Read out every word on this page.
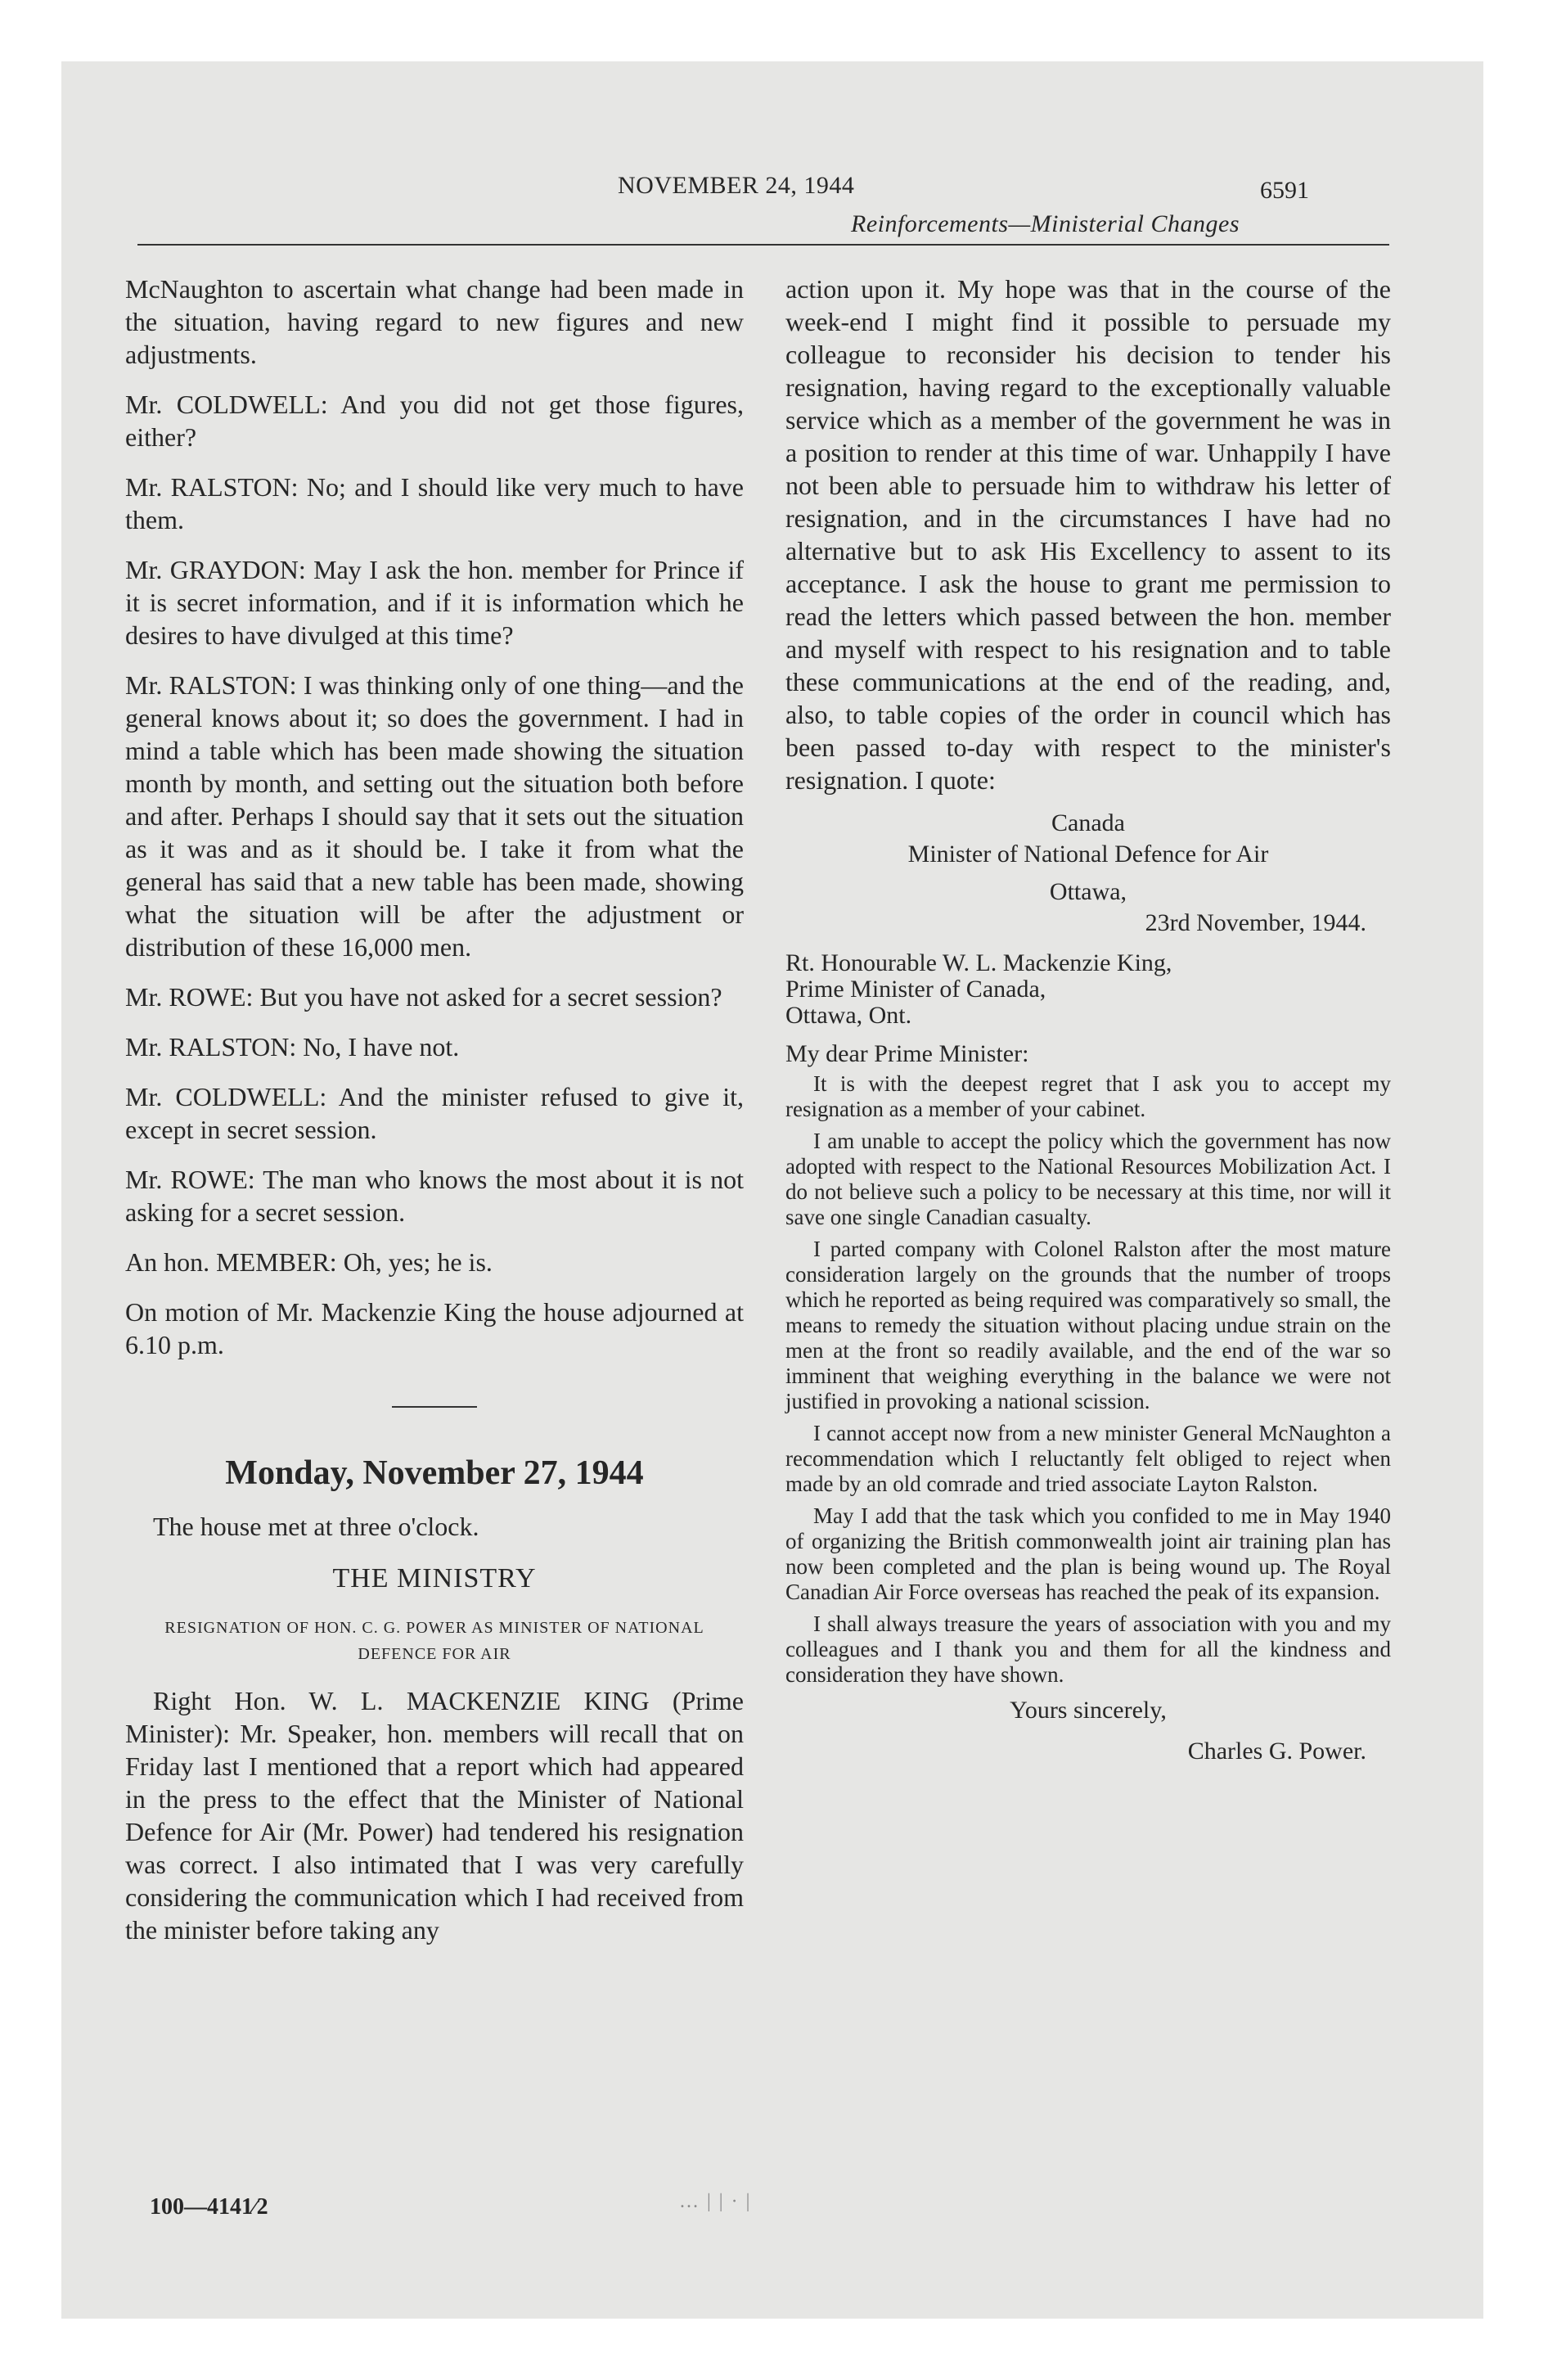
NOVEMBER 24, 1944	6591
Reinforcements—Ministerial Changes

McNaughton to ascertain what change had been made in the situation, having regard to new figures and new adjustments.

Mr. COLDWELL: And you did not get those figures, either?

Mr. RALSTON: No; and I should like very much to have them.

Mr. GRAYDON: May I ask the hon. member for Prince if it is secret information, and if it is information which he desires to have divulged at this time?

Mr. RALSTON: I was thinking only of one thing—and the general knows about it; so does the government. I had in mind a table which has been made showing the situation month by month, and setting out the situation both before and after. Perhaps I should say that it sets out the situation as it was and as it should be. I take it from what the general has said that a new table has been made, showing what the situation will be after the adjustment or distribution of these 16,000 men.

Mr. ROWE: But you have not asked for a secret session?

Mr. RALSTON: No, I have not.

Mr. COLDWELL: And the minister refused to give it, except in secret session.

Mr. ROWE: The man who knows the most about it is not asking for a secret session.

An hon. MEMBER: Oh, yes; he is.

On motion of Mr. Mackenzie King the house adjourned at 6.10 p.m.

Monday, November 27, 1944

The house met at three o'clock.

THE MINISTRY
RESIGNATION OF HON. C. G. POWER AS MINISTER OF NATIONAL DEFENCE FOR AIR

Right Hon. W. L. MACKENZIE KING (Prime Minister): Mr. Speaker, hon. members will recall that on Friday last I mentioned that a report which had appeared in the press to the effect that the Minister of National Defence for Air (Mr. Power) had tendered his resignation was correct. I also intimated that I was very carefully considering the communication which I had received from the minister before taking any

action upon it. My hope was that in the course of the week-end I might find it possible to persuade my colleague to reconsider his decision to tender his resignation, having regard to the exceptionally valuable service which as a member of the government he was in a position to render at this time of war. Unhappily I have not been able to persuade him to withdraw his letter of resignation, and in the circumstances I have had no alternative but to ask His Excellency to assent to its acceptance. I ask the house to grant me permission to read the letters which passed between the hon. member and myself with respect to his resignation and to table these communications at the end of the reading, and, also, to table copies of the order in council which has been passed to-day with respect to the minister's resignation. I quote:

Canada

Minister of National Defence for Air

Ottawa,

23rd November, 1944.

Rt. Honourable W. L. Mackenzie King,

Prime Minister of Canada,

Ottawa, Ont.

My dear Prime Minister:

It is with the deepest regret that I ask you to accept my resignation as a member of your cabinet.

I am unable to accept the policy which the government has now adopted with respect to the National Resources Mobilization Act. I do not believe such a policy to be necessary at this time, nor will it save one single Canadian casualty.

I parted company with Colonel Ralston after the most mature consideration largely on the grounds that the number of troops which he reported as being required was comparatively so small, the means to remedy the situation without placing undue strain on the men at the front so readily available, and the end of the war so imminent that weighing everything in the balance we were not justified in provoking a national scission.

I cannot accept now from a new minister General McNaughton a recommendation which I reluctantly felt obliged to reject when made by an old comrade and tried associate Layton Ralston.

May I add that the task which you confided to me in May 1940 of organizing the British commonwealth joint air training plan has now been completed and the plan is being wound up. The Royal Canadian Air Force overseas has reached the peak of its expansion.

I shall always treasure the years of association with you and my colleagues and I thank you and them for all the kindness and consideration they have shown.

Yours sincerely,

Charles G. Power.

100—4141⁄2	… | | · |
